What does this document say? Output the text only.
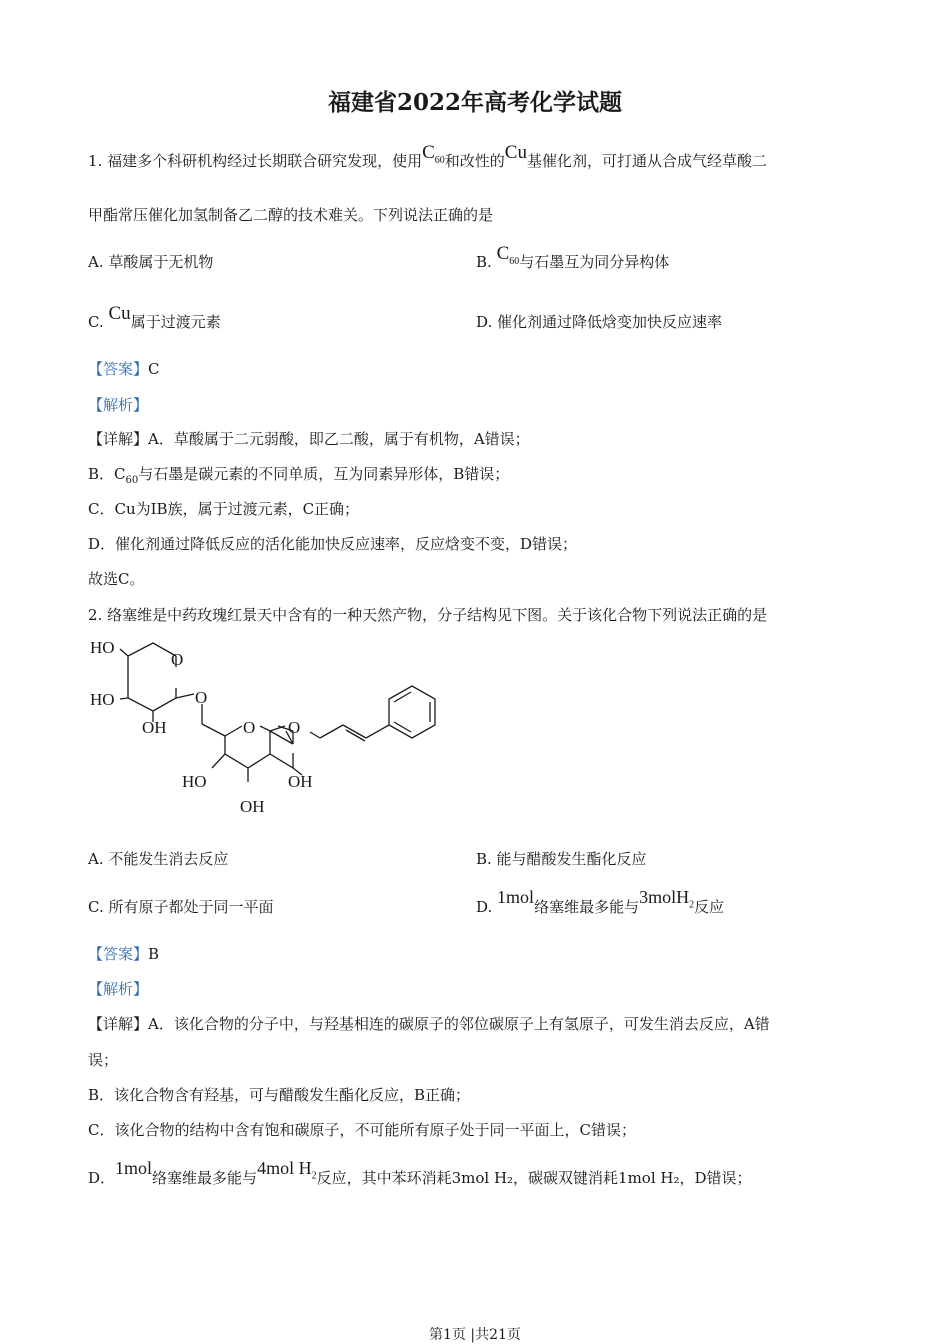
福建省2022年高考化学试题
1. 福建多个科研机构经过长期联合研究发现，使用$C_{60}$和改性的Cu基催化剂，可打通从合成气经草酸二
甲酯常压催化加氢制备乙二醇的技术难关。下列说法正确的是
A. 草酸属于无机物	B. $C_{60}$与石墨互为同分异构体
C. Cu属于过渡元素	D. 催化剂通过降低焓变加快反应速率
【答案】C
【解析】
【详解】A．草酸属于二元弱酸，即乙二酸，属于有机物，A错误；
B．$C_{60}$与石墨是碳元素的不同单质，互为同素异形体，B错误；
C．Cu为ⅠB族，属于过渡元素，C正确；
D．催化剂通过降低反应的活化能加快反应速率，反应焓变不变，D错误；
故选C。
2. 络塞维是中药玫瑰红景天中含有的一种天然产物，分子结构见下图。关于该化合物下列说法正确的是
HO
O
HO
OH
O
O O
HO	OH
OH
A. 不能发生消去反应	B. 能与醋酸发生酯化反应
C. 所有原子都处于同一平面	D. 1mol络塞维最多能与3molH$_2$反应
【答案】B
【解析】
【详解】A．该化合物的分子中，与羟基相连的碳原子的邻位碳原子上有氢原子，可发生消去反应，A错
误；
B．该化合物含有羟基，可与醋酸发生酯化反应，B正确；
C．该化合物的结构中含有饱和碳原子，不可能所有原子处于同一平面上，C错误；
D．1mol络塞维最多能与4mol $H_2$反应，其中苯环消耗3mol H₂，碳碳双键消耗1mol H₂，D错误；
第1页 |共21页
